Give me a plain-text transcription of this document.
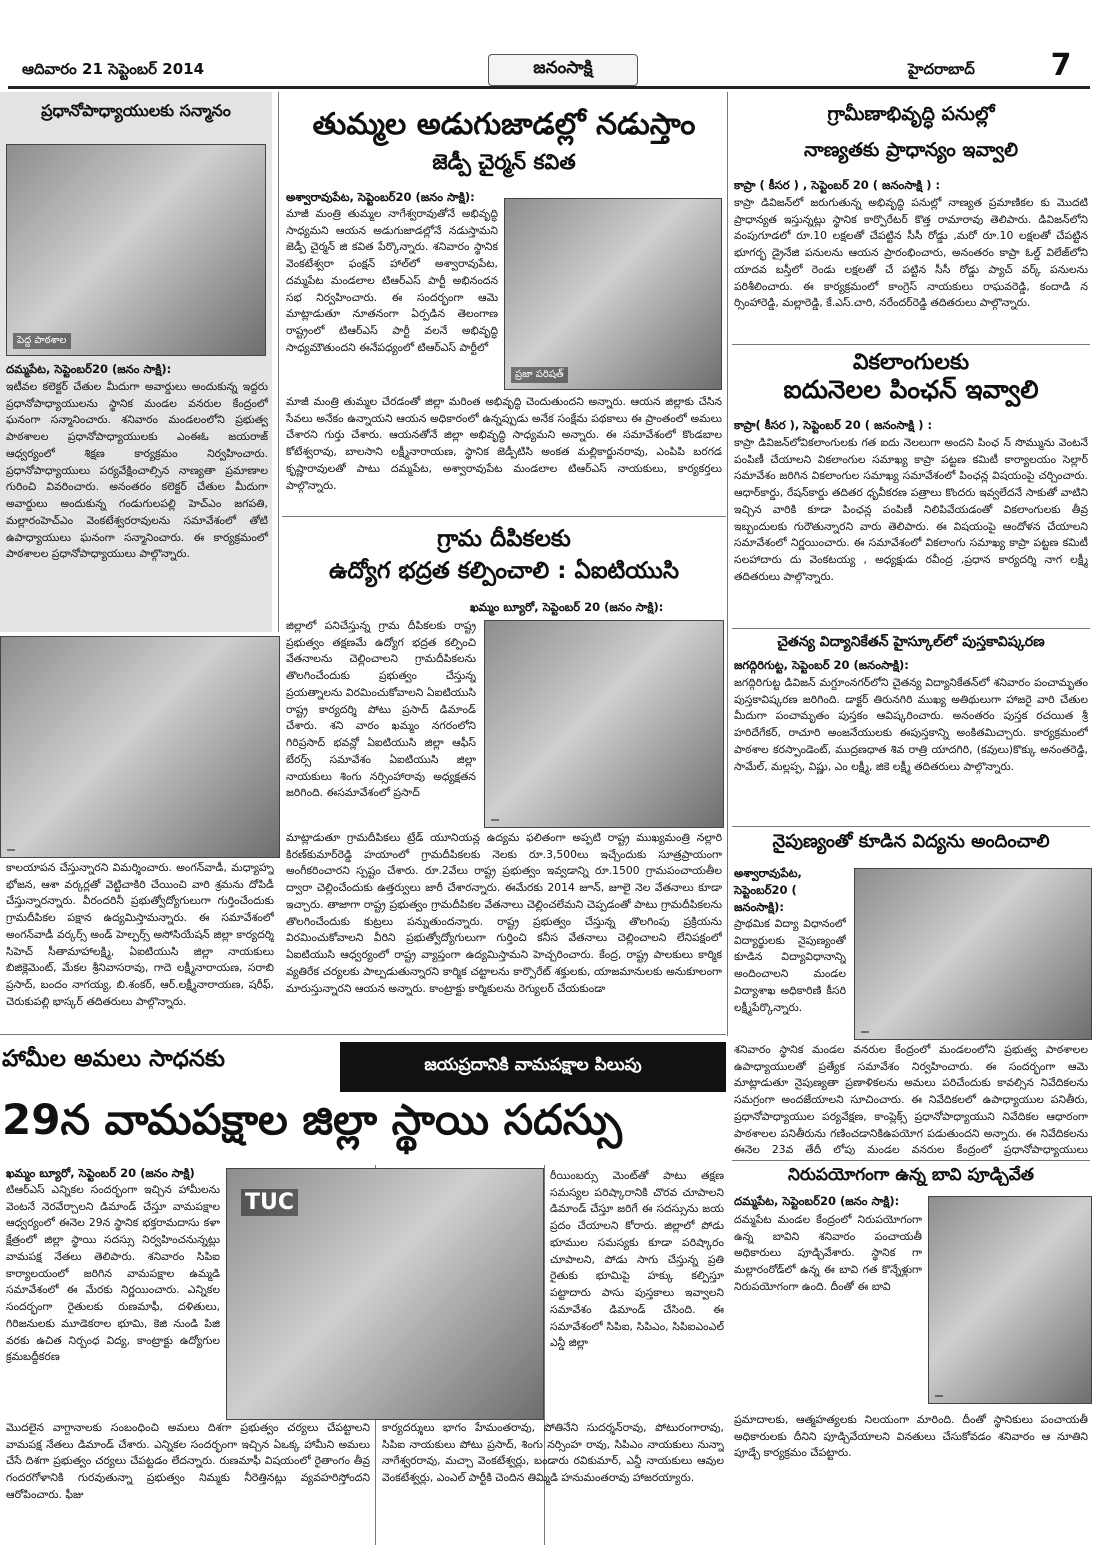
ఆదివారం 21 సెప్టెంబర్ 2014	జనంసాక్షి	హైదరాబాద్	7
ప్రధానోపాధ్యాయులకు సన్మానం
పెద్ద పాఠశాల
దమ్మపేట, సెప్టెంబర్20 (జనం సాక్షి):
ఇటీవల కలెక్టర్ చేతుల మీదుగా అవార్డులు అందుకున్న ఇద్దరు ప్రధానోపాధ్యాయులను స్థానిక మండల వనరుల కేంద్రంలో ఘనంగా సన్మానించారు. శనివారం మండలంలోని ప్రభుత్వ పాఠశాలల ప్రధానోపాధ్యాయులకు ఎంఈఓ జయరాజ్ ఆధ్వర్యంలో శిక్షణ కార్యక్రమం నిర్వహించారు. ప్రధానోపాధ్యాయులు పర్యవేక్షించాల్సిన నాణ్యతా ప్రమాణాల గురించి వివరించారు. అనంతరం కలెక్టర్ చేతుల మీదుగా అవార్డులు అందుకున్న గండుగులపల్లి హెచ్ఎం జగపతి, మల్లారంహెచ్ఎం వెంకటేశ్వరరావులను సమావేశంలో తోటి ఉపాధ్యాయులు ఘనంగా సన్మానించారు. ఈ కార్యక్రమంలో పాఠశాలల ప్రధానోపాధ్యాయులు పాల్గొన్నారు.
తుమ్మల అడుగుజాడల్లో నడుస్తాం
జెడ్పీ చైర్మన్ కవిత
అశ్వారావుపేట, సెప్టెంబర్20 (జనం సాక్షి):
మాజీ మంత్రి తుమ్మల నాగేశ్వరావుతోనే అభివృద్ధి సాధ్యమని ఆయన అడుగుజాడల్లోనే నడుస్తామని జెడ్పీ చైర్మన్ జి కవిత పేర్కొన్నారు. శనివారం స్థానిక వెంకటేశ్వరా ఫంక్షన్ హాల్‌లో అశ్వారావుపేట, దమ్మపేట మండలాల టిఆర్ఎస్ పార్టీ అభినందన సభ నిర్వహించారు. ఈ సందర్భంగా ఆమె మాట్లాడుతూ నూతనంగా ఏర్పడిన తెలంగాణ రాష్ట్రంలో టిఆర్ఎస్ పార్టీ వలనే అభివృద్ధి సాధ్యమౌతుందని ఈనేపధ్యంలో టిఆర్ఎస్ పార్టీలో
ప్రజా పరిషత్
మాజీ మంత్రి తుమ్మల చేరడంతో జిల్లా మరింత అభివృద్ధి చెందుతుందని అన్నారు. ఆయన జిల్లాకు చేసిన సేవలు అనేకం ఉన్నాయని ఆయన అధికారంలో ఉన్నప్పుడు అనేక సంక్షేమ పథకాలు ఈ ప్రాంతంలో అమలు చేశారని గుర్తు చేశారు. ఆయనతోనే జిల్లా అభివృద్ధి సాధ్యమని అన్నారు. ఈ సమావేశంలో కొండబాల కోటేశ్వరావు, బాలసాని లక్ష్మీనారాయణ, స్థానిక జెడ్పీటిసి అంకత మల్లికార్జునరావు, ఎంపిపి బరగడ కృష్ణారావులతో పాటు దమ్మపేట, అశ్వారావుపేట మండలాల టిఆర్ఎస్ నాయకులు, కార్యకర్తలు పాల్గొన్నారు.
గ్రామీణాభివృద్ధి పనుల్లో
నాణ్యతకు ప్రాధాన్యం ఇవ్వాలి
కాప్రా ( కీసర ) , సెప్టెంబర్ 20 ( జనంసాక్షి ) :
కాప్రా డివిజన్‌లో జరుగుతున్న అభివృద్ధి పనుల్లో నాణ్యత ప్రమాణికల కు మొదటి ప్రాధాన్యత ఇస్తున్నట్లు స్థానిక కార్పొరేటర్ కొత్త రామారావు తెలిపారు. డివిజన్‌లోని వంపుగూడలో రూ.10 లక్షలతో చేపట్టిన సీసీ రోడ్డు ,మరో రూ.10 లక్షలతో చేపట్టిన భూగర్భ డ్రైనేజి పనులను ఆయన ప్రారంభించారు, అనంతరం కాప్రా ఓల్డ్ విలేజ్‌లోని యాదవ బస్తీలో రెండు లక్షలతో చే పట్టిన సీసీ రోడ్డు ప్యాచ్ వర్క్ పనులను పరిశీలించారు. ఈ కార్యక్రమంలో కాంగ్రెస్ నాయకులు రాఘవరెడ్డి, కందాడి న ర్సింహారెడ్డి, మల్లారెడ్డి, కే.ఎస్.చారి, నరేందర్‌రెడ్డి తదితరులు పాల్గొన్నారు.
వికలాంగులకు
ఐదునెలల పింఛన్ ఇవ్వాలి
కాప్రా( కీసర ), సెప్టెంబర్ 20 ( జనంసాక్షి ) :
కాప్రా డివిజన్‌లోవికలాంగులకు గత ఐదు నెలలుగా అందని పింఛ న్ సొమ్మును వెంటనే పంపిణీ చేయాలని వికలాంగుల సమాఖ్య కాప్రా పట్టణ కమిటీ కార్యాలయం సెల్లార్ సమావేశం జరిగిన వికలాంగుల సమాఖ్య సమావేశంలో పింఛన్ల విషయంపై చర్చించారు. ఆధార్‌కార్డు, రేషన్‌కార్డు తదితర ధృవీకరణ పత్రాలు కొందరు ఇవ్వలేదనే సాకుతో వాటిని ఇచ్చిన వారికి కూడా పింఛన్ల పంపిణీ నిలిపివేయడంతో వికలాంగులకు తీవ్ర ఇబ్బందులకు గురౌతున్నారని వారు తెలిపారు. ఈ విషయంపై ఆందోళన చేయాలని సమావేశంలో నిర్ణయించారు. ఈ సమావేశంలో వికలాంగు సమాఖ్య కాప్రా పట్టణ కమిటీ సలహాదారు దు వెంకటయ్య , అధ్యక్షుడు రవీంద్ర ,ప్రధాన కార్యదర్శి నాగ లక్ష్మీ తదితరులు పాల్గొన్నారు.
చైతన్య విద్యానికేతన్ హైస్కూల్‌లో పుస్తకావిష్కరణ
జగద్గిరిగుట్ట, సెప్టెంబర్ 20 (జనంసాక్షి):
జగద్గిరిగుట్ట డివిజన్ మగ్దూంనగర్‌లోని చైతన్య విద్యానికేతన్‌లో శనివారం పంచామృతం పుస్తకావిష్కరణ జరిగింది. డాక్టర్ తిరునగిరి ముఖ్య అతిథులుగా హాజరై వారి చేతుల మీదుగా పంచామృతం పుస్తకం ఆవిష్కరించారు. అనంతరం పుస్తక రచయిత శ్రీ హరిదేగేకర్, రాచూరి అంజనేయులకు ఈపుస్తకాన్ని అంకితమిచ్చారు. కార్యక్రమంలో పాఠశాల కరస్పాండెంట్, ముద్రణధాత శివ రాత్రి యాదగిరి, (కవులు)కొక్కు అనంతరెడ్డి, సామేల్, మల్లప్ప, విష్ణు, ఎం లక్ష్మీ, జికె లక్ష్మీ తదితరులు పాల్గొన్నారు.
గ్రామ దీపికలకు
ఉద్యోగ భద్రత కల్పించాలి : ఏఐటియుసి
ఖమ్మం బ్యూరో, సెప్టెంబర్ 20 (జనం సాక్షి):
జిల్లాలో పనిచేస్తున్న గ్రామ దీపికలకు రాష్ట్ర ప్రభుత్వం తక్షణమే ఉద్యోగ భద్రత కల్పించి వేతనాలను చెల్లించాలని గ్రామదీపికలను తొలగించేందుకు ప్రభుత్వం చేస్తున్న ప్రయత్నాలను విరమించుకోవాలని ఏఐటియుసి రాష్ట్ర కార్యదర్శి పోటు ప్రసాద్ డిమాండ్ చేశారు. శని వారం ఖమ్మం నగరంలోని గిరిప్రసాద్ భవన్లో ఏఐటియుసి జిల్లా ఆఫీస్ బేరర్స్ సమావేశం ఏఐటియుసి జిల్లా నాయకులు శింగు నర్సింహారావు అధ్యక్షతన జరిగింది. ఈసమావేశంలో ప్రసాద్
కాలయాపన చేస్తున్నారని విమర్శించారు. అంగన్‌వాడీ, మధ్యాహ్న భోజన, ఆశా వర్కర్లతో వెట్టిచాకిరి చేయించి వారి శ్రమను దోపిడీ చేస్తున్నారన్నారు. వీరందరినీ ప్రభుత్వోద్యోగులుగా గుర్తించేందుకు గ్రామదీపికల పక్షాన ఉద్యమిస్తామన్నారు. ఈ సమావేశంలో అంగన్‌వాడీ వర్కర్స్ అండ్ హెల్పర్స్ అసోసియేషన్ జిల్లా కార్యదర్శి సిహెచ్ సీతామాహాలక్ష్మి, ఏఐటియుసి జిల్లా నాయకులు బిజిక్లెమెంట్, మేకల శ్రీనివాసరావు, గాదె లక్ష్మీనారాయణ, సరాబి ప్రసాద్, బందం నాగయ్య, బి.శంకర్, ఆర్.లక్ష్మీనారాయణ, షరీఫ్, చెరుకుపల్లి భాస్కర్ తదితరులు పాల్గొన్నారు.
మాట్లాడుతూ గ్రామదీపికలు ట్రేడ్ యూనియన్ల ఉద్యమ ఫలితంగా అప్పటి రాష్ట్ర ముఖ్యమంత్రి నల్లారి కిరణ్‌కుమార్‌రెడ్డి హయాంలో గ్రామదీపికలకు నెలకు రూ.3,500లు ఇచ్చేందుకు సూత్రప్రాయంగా అంగీకరించారని స్పష్టం చేశారు. రూ.2వేలు రాష్ట్ర ప్రభుత్వం ఇవ్వడాన్ని రూ.1500 గ్రామపంచాయతీల ద్వారా చెల్లించేందుకు ఉత్తర్వులు జారీ చేశారన్నారు. ఈమేరకు 2014 జూన్, జూలై నెల వేతనాలు కూడా ఇచ్చారు. తాజాగా రాష్ట్ర ప్రభుత్వం గ్రామదీపికల వేతనాలు చెల్లించలేమని చెప్పడంతో పాటు గ్రామదీపికలను తొలగించేందుకు కుట్రలు పన్నుతుందన్నారు. రాష్ట్ర ప్రభుత్వం చేస్తున్న తొలగింపు ప్రక్రియను విరమించుకోవాలని వీరిని ప్రభుత్వోద్యోగులుగా గుర్తించి కనీస వేతనాలు చెల్లించాలని లేనిపక్షంలో ఏఐటియుసి ఆధ్వర్యంలో రాష్ట్ర వ్యాప్తంగా ఉద్యమిస్తామని హెచ్చరించారు. కేంద్ర, రాష్ట్ర పాలకులు కార్మిక వ్యతిరేక చర్యలకు పాల్పడుతున్నారని కార్మిక చట్టాలను కార్పొరేట్ శక్తులకు, యాజమానులకు అనుకూలంగా మారుస్తున్నారని ఆయన అన్నారు. కాంట్రాక్టు కార్మికులను రెగ్యులర్ చేయకుండా
నైపుణ్యంతో కూడిన విద్యను అందించాలి
అశ్వారావుపేట, సెప్టెంబర్20 ( జనంసాక్షి):
ప్రాథమిక విద్యా విధానంలో విద్యార్థులకు నైపుణ్యంతో కూడిన విద్యావిధానాన్ని అందించాలని మండల విద్యాశాఖ అధికారిణి కీసరి లక్ష్మీపేర్కొన్నారు.
శనివారం స్థానిక మండల వనరుల కేంద్రంలో మండలంలోని ప్రభుత్వ పాఠశాలల ఉపాధ్యాయులతో ప్రత్యేక సమావేశం నిర్వహించారు. ఈ సందర్భంగా ఆమె మాట్లాడుతూ నైపుణ్యతా ప్రణాళికలను అమలు పరిచేందుకు కావల్సిన నివేదికలను సమగ్రంగా అందజేయాలని సూచించారు. ఈ నివేదికలలో ఉపాధ్యాయుల పనితీరు, ప్రధానోపాధ్యాయుల పర్యవేక్షణ, కాంప్లెక్స్ ప్రధానోపాధ్యాయుని నివేదికల ఆధారంగా పాఠశాలల పనితీరును గణించడానికిఉపయోగ పడుతుందని అన్నారు. ఈ నివేదికలను ఈనెల 23వ తేదీ లోపు మండల వనరుల కేంద్రంలో ప్రధానోపాధ్యాయులు
హామీల అమలు సాధనకు	జయప్రదానికి వామపక్షాల పిలుపు
29న వామపక్షాల జిల్లా స్థాయి సదస్సు
ఖమ్మం బ్యూరో, సెప్టెంబర్ 20 (జనం సాక్షి)
టిఆర్ఎస్ ఎన్నికల సందర్భంగా ఇచ్చిన హామీలను వెంటనే నెరవేర్చాలని డిమాండ్ చేస్తూ వామపక్షాల ఆధ్వర్యంలో ఈనెల 29న స్థానిక భక్తరామదాసు కళా క్షేత్రంలో జిల్లా స్థాయి సదస్సు నిర్వహించనున్నట్లు వామపక్ష నేతలు తెలిపారు. శనివారం సిపిఐ కార్యాలయంలో జరిగిన వామపక్షాల ఉమ్మడి సమావేశంలో ఈ మేరకు నిర్ణయించారు. ఎన్నికల సందర్భంగా రైతులకు రుణమాఫీ, దళితులు, గిరిజనులకు మూడెకరాల భూమి, కెజి నుండి పిజి వరకు ఉచిత నిర్బంధ విద్య, కాంట్రాక్టు ఉద్యోగుల క్రమబద్దీకరణ
TUC
రీయింబర్సు మెంట్‌తో పాటు తక్షణ సమస్యల పరిష్కారానికి చొరవ చూపాలని డిమాండ్ చేస్తూ జరిగే ఈ సదస్సును జయ ప్రదం చేయాలని కోరారు. జిల్లాలో పోడు భూముల సమస్యకు కూడా పరిష్కారం చూపాలని, పోడు సాగు చేస్తున్న ప్రతి రైతుకు భూమిపై హక్కు కల్పిస్తూ పట్టాదారు పాసు పుస్తకాలు ఇవ్వాలని సమావేశం డిమాండ్ చేసింది. ఈ సమావేశంలో సిపిఐ, సిపిఎం, సిపిఐఎంఎల్ ఎన్డీ జిల్లా
మొదలైన వాగ్దానాలకు సంబంధించి అమలు దిశగా ప్రభుత్వం చర్యలు చేపట్టాలని వామపక్ష నేతలు డిమాండ్ చేశారు. ఎన్నికల సందర్భంగా ఇచ్చిన ఏఒక్క హామీని అమలు చేసే దిశగా ప్రభుత్వం చర్యలు చేపట్టడం లేదన్నారు. రుణమాఫీ విషయంలో రైతాంగం తీవ్ర గందరగోళానికి గురవుతున్నా ప్రభుత్వం నిమ్మకు నీరెత్తినట్లు వ్యవహరిస్తోందని ఆరోపించారు. ఫీజు
కార్యదర్శులు భాగం హేమంతరావు, పోతినేని సుదర్శన్‌రావు, పోటురంగారావు, సిపిఐ నాయకులు పోటు ప్రసాద్, శింగు నర్సింహ రావు, సిపిఎం నాయకులు నున్నా నాగేశ్వరరావు, మచ్చా వెంకటేశ్వర్లు, బండారు రవికుమార్, ఎన్డీ నాయకులు ఆవుల వెంకటేశ్వర్లు, ఎంఎల్ పార్టీకి చెందిన తిమ్మిడి హనుమంతరావు హాజరయ్యారు.
నిరుపయోగంగా ఉన్న బావి పూడ్చివేత
దమ్మపేట, సెప్టెంబర్20 (జనం సాక్షి):
దమ్మపేట మండల కేంద్రంలో నిరుపయోగంగా ఉన్న బావిని శనివారం పంచాయతీ అధికారులు పూడ్చివేశారు. స్థానిక గా మల్లారంరోడ్‌లో ఉన్న ఈ బావి గత కొన్నేళ్లుగా నిరుపయోగంగా ఉంది. దీంతో ఈ బావి
ప్రమాదాలకు, ఆత్మహత్యలకు నిలయంగా మారింది. దీంతో స్థానికులు పంచాయతీ అధికారులకు దీనిని పూడ్చివేయాలని వినతులు చేసుకోవడం శనివారం ఆ నూతిని పూడ్చే కార్యక్రమం చేపట్టారు.
